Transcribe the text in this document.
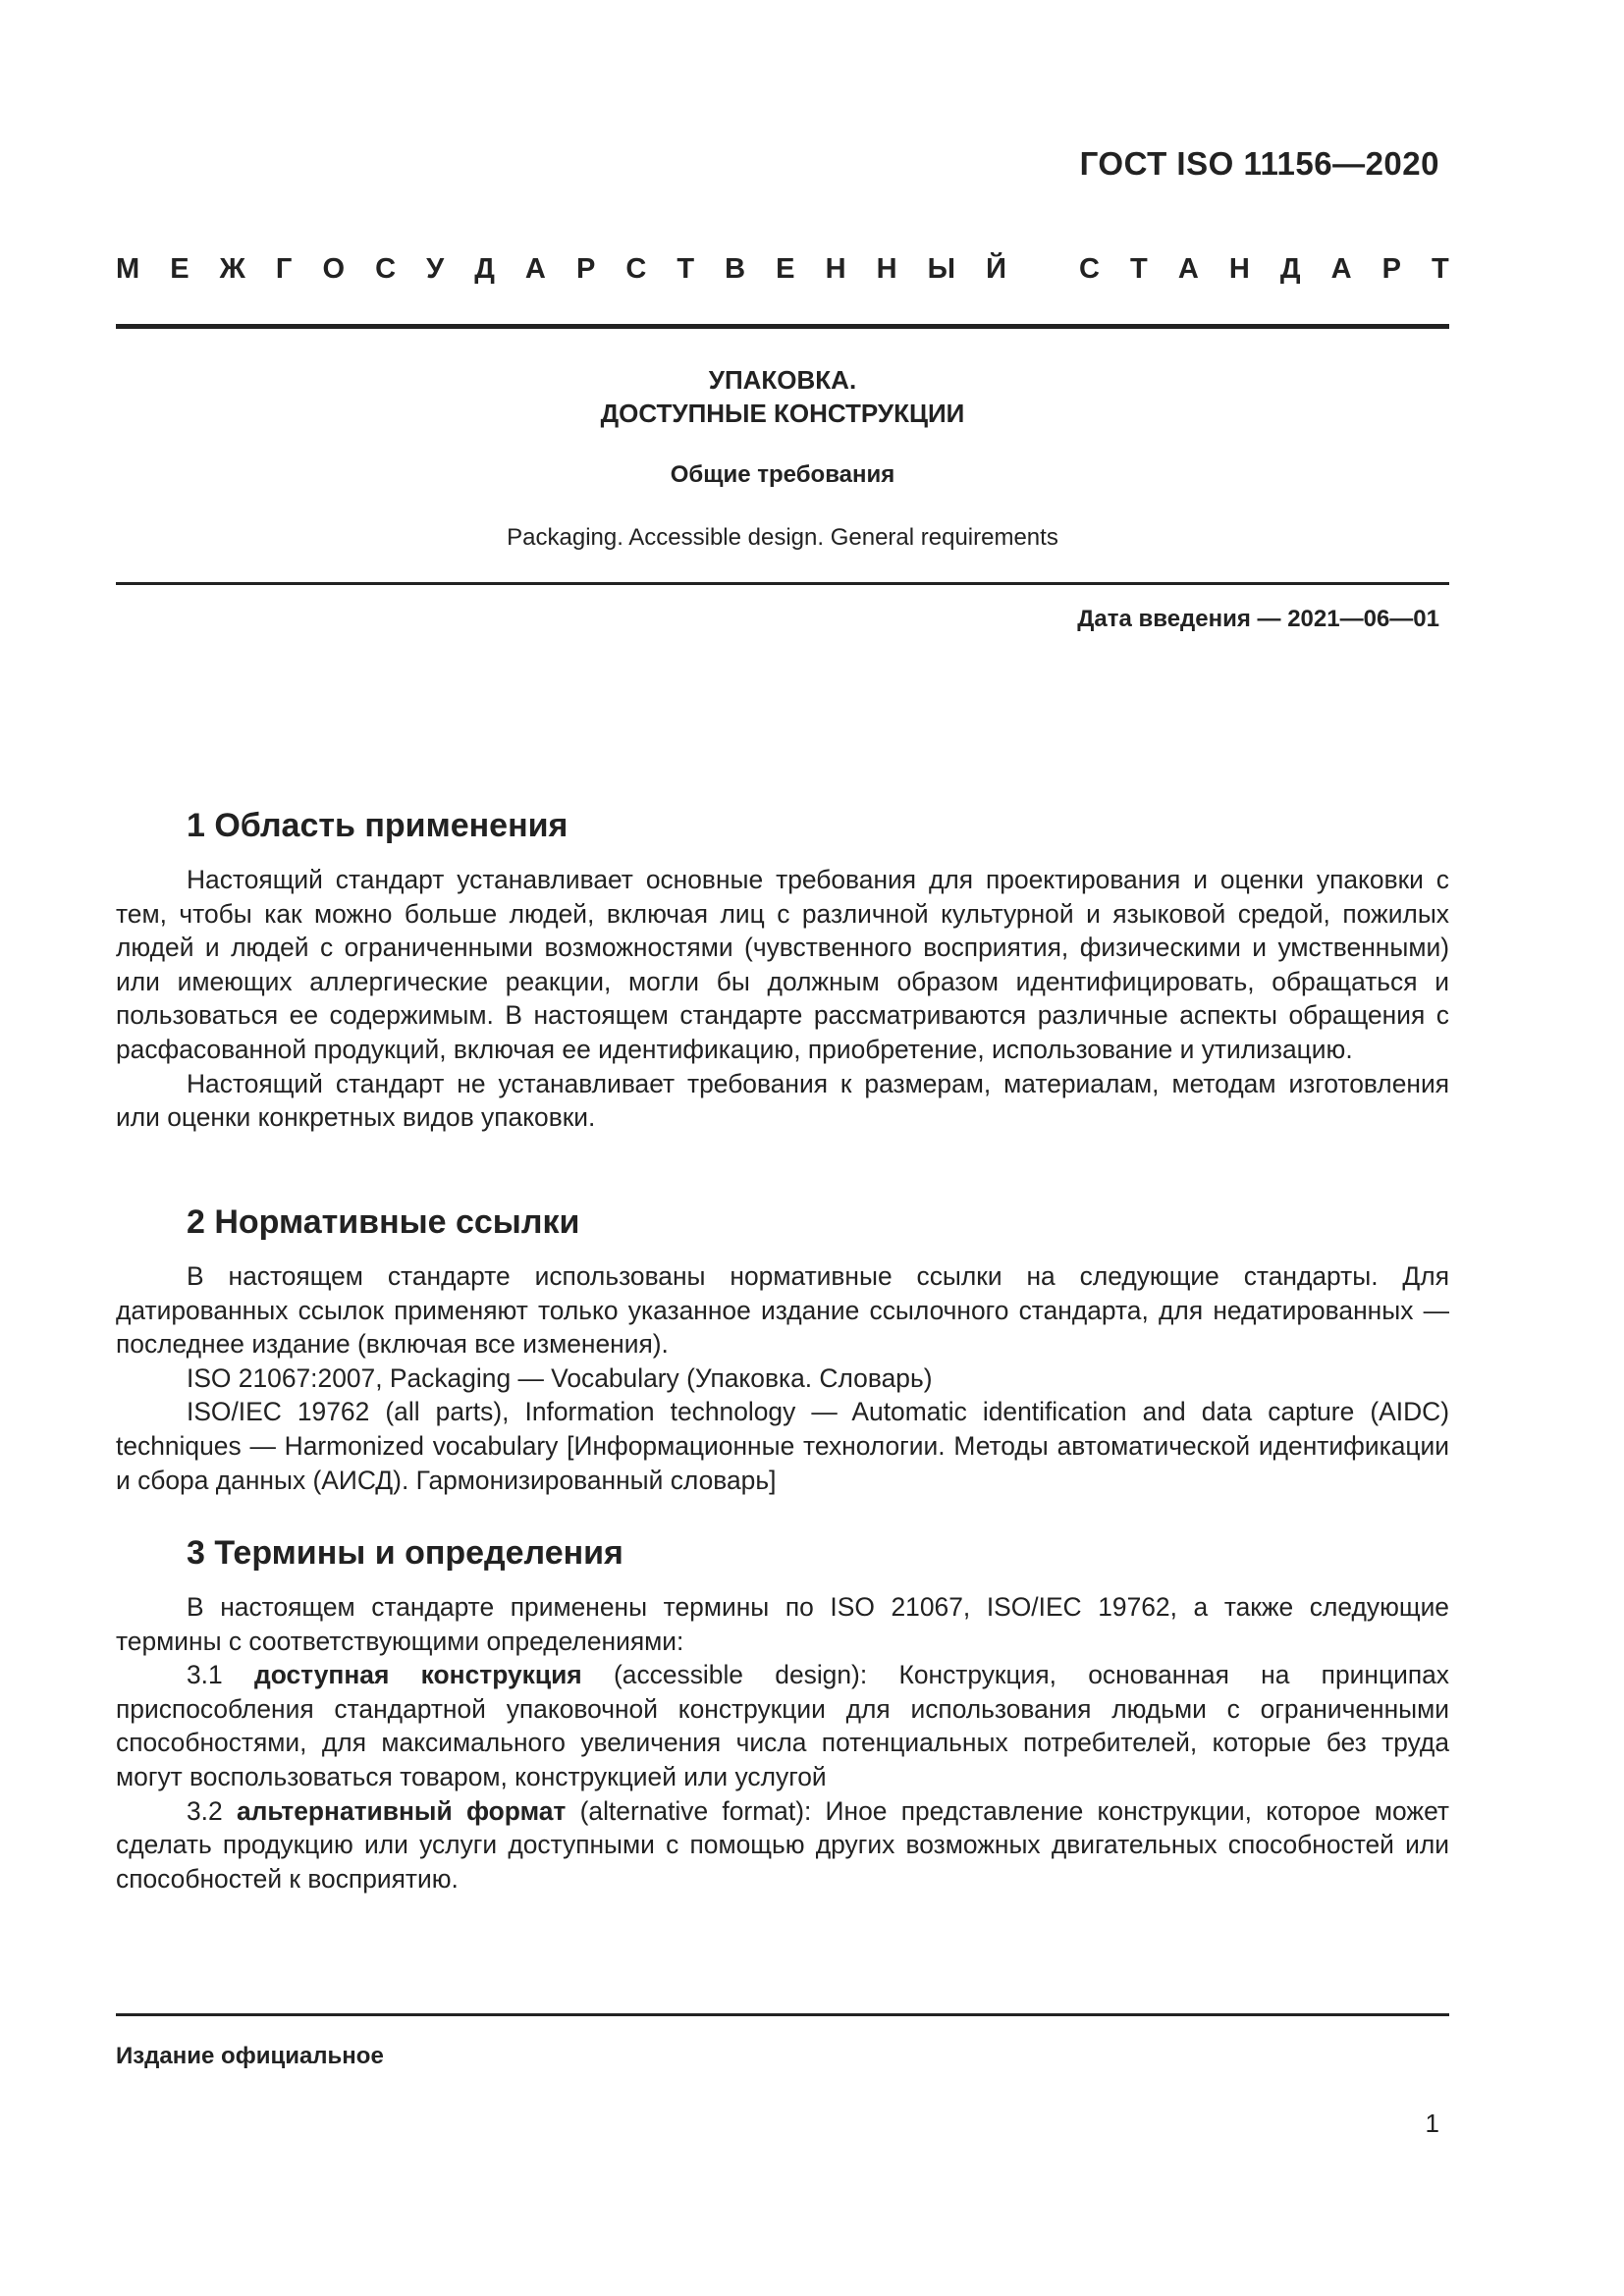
ГОСТ ISO 11156—2020

М Е Ж Г О С У Д А Р С Т В Е Н Н Ы Й	С Т А Н Д А Р Т

УПАКОВКА.
ДОСТУПНЫЕ КОНСТРУКЦИИ

Общие требования

Packaging. Accessible design. General requirements

Дата введения — 2021—06—01

1 Область применения

Настоящий стандарт устанавливает основные требования для проектирования и оценки упаковки с тем, чтобы как можно больше людей, включая лиц с различной культурной и языковой средой, пожилых людей и людей с ограниченными возможностями (чувственного восприятия, физическими и умственными) или имеющих аллергические реакции, могли бы должным образом идентифицировать, обращаться и пользоваться ее содержимым. В настоящем стандарте рассматриваются различные аспекты обращения с расфасованной продукций, включая ее идентификацию, приобретение, использование и утилизацию.

Настоящий стандарт не устанавливает требования к размерам, материалам, методам изготовления или оценки конкретных видов упаковки.

2 Нормативные ссылки

В настоящем стандарте использованы нормативные ссылки на следующие стандарты. Для датированных ссылок применяют только указанное издание ссылочного стандарта, для недатированных — последнее издание (включая все изменения).

ISO 21067:2007, Packaging — Vocabulary (Упаковка. Словарь)

ISO/IEC 19762 (all parts), Information technology — Automatic identification and data capture (AIDC) techniques — Harmonized vocabulary [Информационные технологии. Методы автоматической идентификации и сбора данных (АИСД). Гармонизированный словарь]

3 Термины и определения

В настоящем стандарте применены термины по ISO 21067, ISO/IEC 19762, а также следующие термины с соответствующими определениями:

3.1 доступная конструкция (accessible design): Конструкция, основанная на принципах приспособления стандартной упаковочной конструкции для использования людьми с ограниченными способностями, для максимального увеличения числа потенциальных потребителей, которые без труда могут воспользоваться товаром, конструкцией или услугой

3.2 альтернативный формат (alternative format): Иное представление конструкции, которое может сделать продукцию или услуги доступными с помощью других возможных двигательных способностей или способностей к восприятию.

Издание официальное

1
